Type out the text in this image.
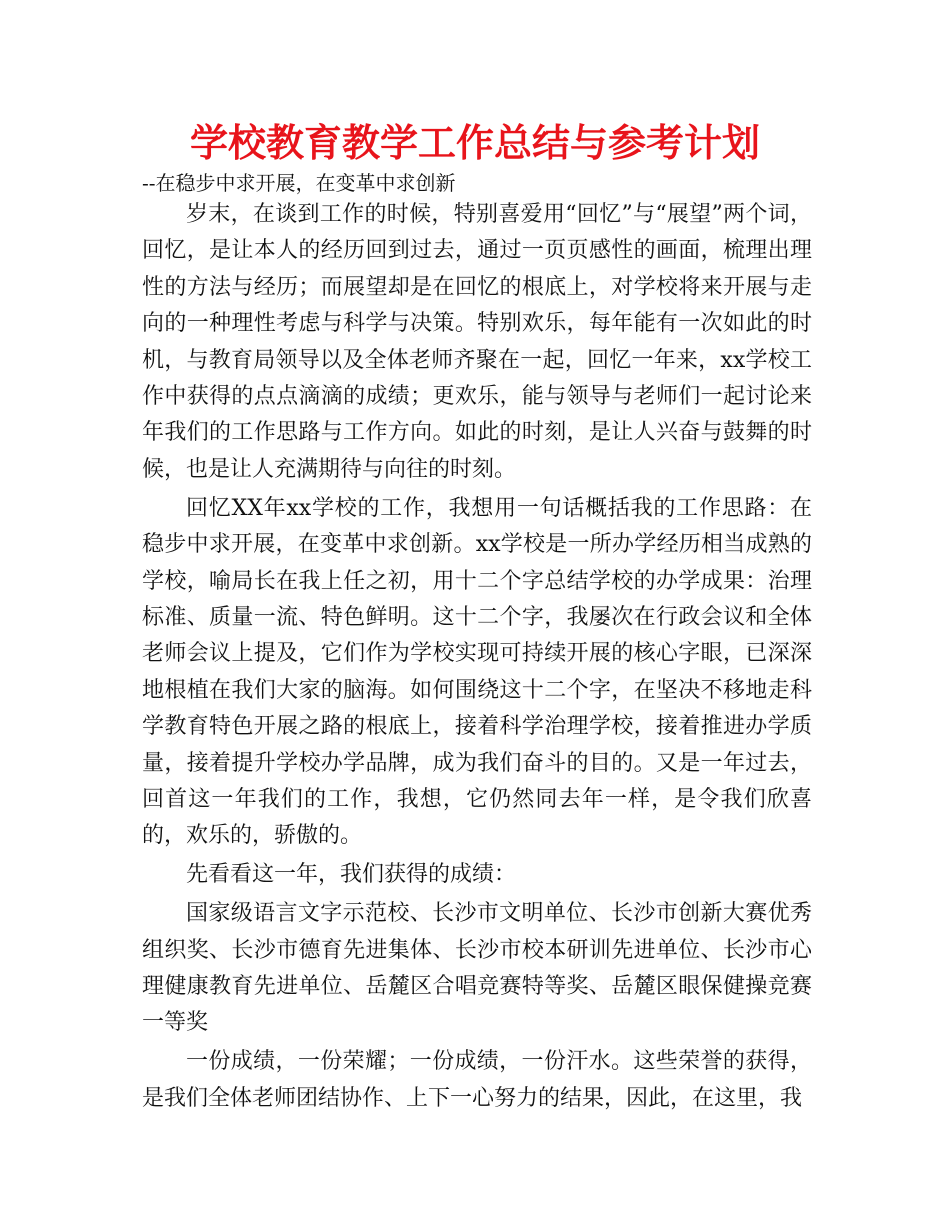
学校教育教学工作总结与参考计划
--在稳步中求开展，在变革中求创新

岁末，在谈到工作的时候，特别喜爱用“回忆”与“展望”两个词，回忆，是让本人的经历回到过去，通过一页页感性的画面，梳理出理性的方法与经历；而展望却是在回忆的根底上，对学校将来开展与走向的一种理性考虑与科学与决策。特别欢乐，每年能有一次如此的时机，与教育局领导以及全体老师齐聚在一起，回忆一年来，xx学校工作中获得的点点滴滴的成绩；更欢乐，能与领导与老师们一起讨论来年我们的工作思路与工作方向。如此的时刻，是让人兴奋与鼓舞的时候，也是让人充满期待与向往的时刻。

回忆XX年xx学校的工作，我想用一句话概括我的工作思路：在稳步中求开展，在变革中求创新。xx学校是一所办学经历相当成熟的学校，喻局长在我上任之初，用十二个字总结学校的办学成果：治理标准、质量一流、特色鲜明。这十二个字，我屡次在行政会议和全体老师会议上提及，它们作为学校实现可持续开展的核心字眼，已深深地根植在我们大家的脑海。如何围绕这十二个字，在坚决不移地走科学教育特色开展之路的根底上，接着科学治理学校，接着推进办学质量，接着提升学校办学品牌，成为我们奋斗的目的。又是一年过去，回首这一年我们的工作，我想，它仍然同去年一样，是令我们欣喜的，欢乐的，骄傲的。

先看看这一年，我们获得的成绩：

国家级语言文字示范校、长沙市文明单位、长沙市创新大赛优秀组织奖、长沙市德育先进集体、长沙市校本研训先进单位、长沙市心理健康教育先进单位、岳麓区合唱竞赛特等奖、岳麓区眼保健操竞赛一等奖

一份成绩，一份荣耀；一份成绩，一份汗水。这些荣誉的获得，是我们全体老师团结协作、上下一心努力的结果，因此，在这里，我
